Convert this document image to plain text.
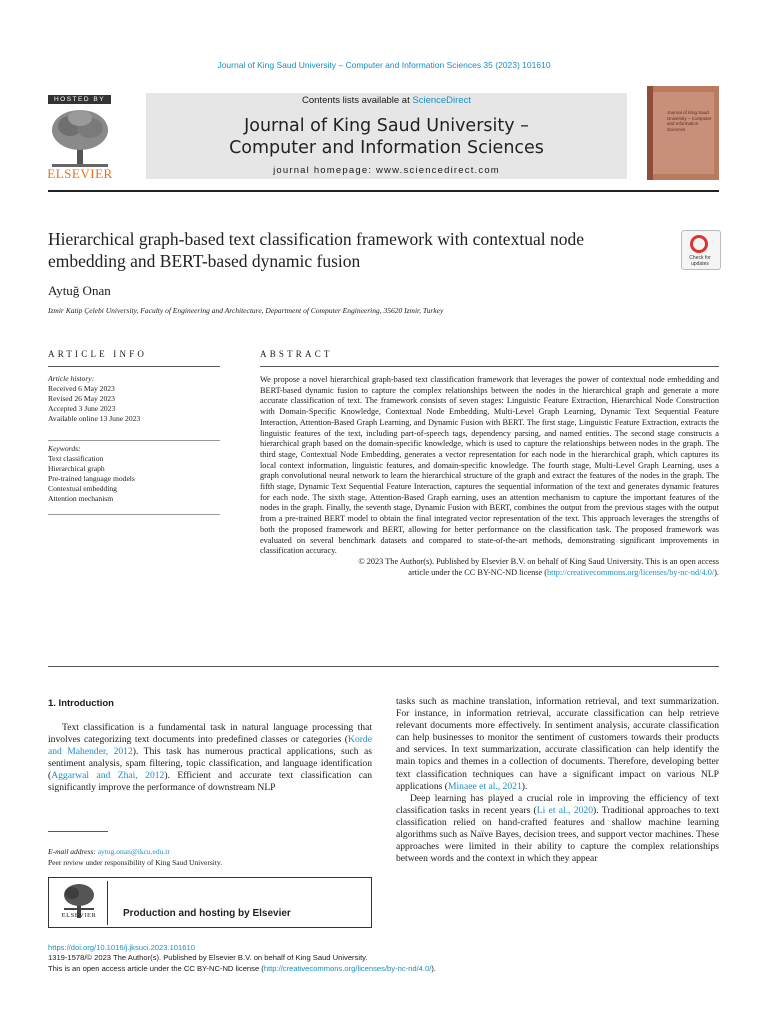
Journal of King Saud University – Computer and Information Sciences 35 (2023) 101610
HOSTED BY
ELSEVIER
Contents lists available at ScienceDirect
Journal of King Saud University –
Computer and Information Sciences
journal homepage: www.sciencedirect.com
Journal of King Saud University – Computer and Information Sciences
Hierarchical graph-based text classification framework with contextual node embedding and BERT-based dynamic fusion	Check for updates
Aytuğ Onan
Izmir Katip Çelebi University, Faculty of Engineering and Architecture, Department of Computer Engineering, 35620 Izmir, Turkey
ARTICLE INFO
Article history:
Received 6 May 2023
Revised 26 May 2023
Accepted 3 June 2023
Available online 13 June 2023
Keywords:
Text classification
Hierarchical graph
Pre-trained language models
Contextual embedding
Attention mechanism
ABSTRACT
We propose a novel hierarchical graph-based text classification framework that leverages the power of contextual node embedding and BERT-based dynamic fusion to capture the complex relationships between the nodes in the hierarchical graph and generate a more accurate classification of text. The framework consists of seven stages: Linguistic Feature Extraction, Hierarchical Node Construction with Domain-Specific Knowledge, Contextual Node Embedding, Multi-Level Graph Learning, Dynamic Text Sequential Feature Interaction, Attention-Based Graph Learning, and Dynamic Fusion with BERT. The first stage, Linguistic Feature Extraction, extracts the linguistic features of the text, including part-of-speech tags, dependency parsing, and named entities. The second stage constructs a hierarchical graph based on the domain-specific knowledge, which is used to capture the relationships between nodes in the graph. The third stage, Contextual Node Embedding, generates a vector representation for each node in the hierarchical graph, which captures its local context information, linguistic features, and domain-specific knowledge. The fourth stage, Multi-Level Graph Learning, uses a graph convolutional neural network to learn the hierarchical structure of the graph and extract the features of the nodes in the graph. The fifth stage, Dynamic Text Sequential Feature Interaction, captures the sequential information of the text and generates dynamic features for each node. The sixth stage, Attention-Based Graph earning, uses an attention mechanism to capture the important features of the nodes in the graph. Finally, the seventh stage, Dynamic Fusion with BERT, combines the output from the previous stages with the output from a pre-trained BERT model to obtain the final integrated vector representation of the text. This approach leverages the strengths of both the proposed framework and BERT, allowing for better performance on the classification task. The proposed framework was evaluated on several benchmark datasets and compared to state-of-the-art methods, demonstrating significant improvements in classification accuracy.
© 2023 The Author(s). Published by Elsevier B.V. on behalf of King Saud University. This is an open access
article under the CC BY-NC-ND license (http://creativecommons.org/licenses/by-nc-nd/4.0/).
1. Introduction

Text classification is a fundamental task in natural language processing that involves categorizing text documents into predefined classes or categories (Korde and Mahender, 2012). This task has numerous practical applications, such as sentiment analysis, spam filtering, topic classification, and language identification (Aggarwal and Zhai, 2012). Efficient and accurate text classification can significantly improve the performance of downstream NLP

tasks such as machine translation, information retrieval, and text summarization. For instance, in information retrieval, accurate classification can help retrieve relevant documents more effectively. In sentiment analysis, accurate classification can help businesses to monitor the sentiment of customers towards their products and services. In text summarization, accurate classification can help identify the main topics and themes in a collection of documents. Therefore, developing better text classification techniques can have a significant impact on various NLP applications (Minaee et al., 2021).

Deep learning has played a crucial role in improving the efficiency of text classification tasks in recent years (Li et al., 2020). Traditional approaches to text classification relied on hand-crafted features and shallow machine learning algorithms such as Naïve Bayes, decision trees, and support vector machines. These approaches were limited in their ability to capture the complex relationships between words and the context in which they appear

E-mail address: aytug.onan@ikcu.edu.tr
Peer review under responsibility of King Saud University.
ELSEVIER	Production and hosting by Elsevier
https://doi.org/10.1016/j.jksuci.2023.101610
1319-1578/© 2023 The Author(s). Published by Elsevier B.V. on behalf of King Saud University.
This is an open access article under the CC BY-NC-ND license (http://creativecommons.org/licenses/by-nc-nd/4.0/).
